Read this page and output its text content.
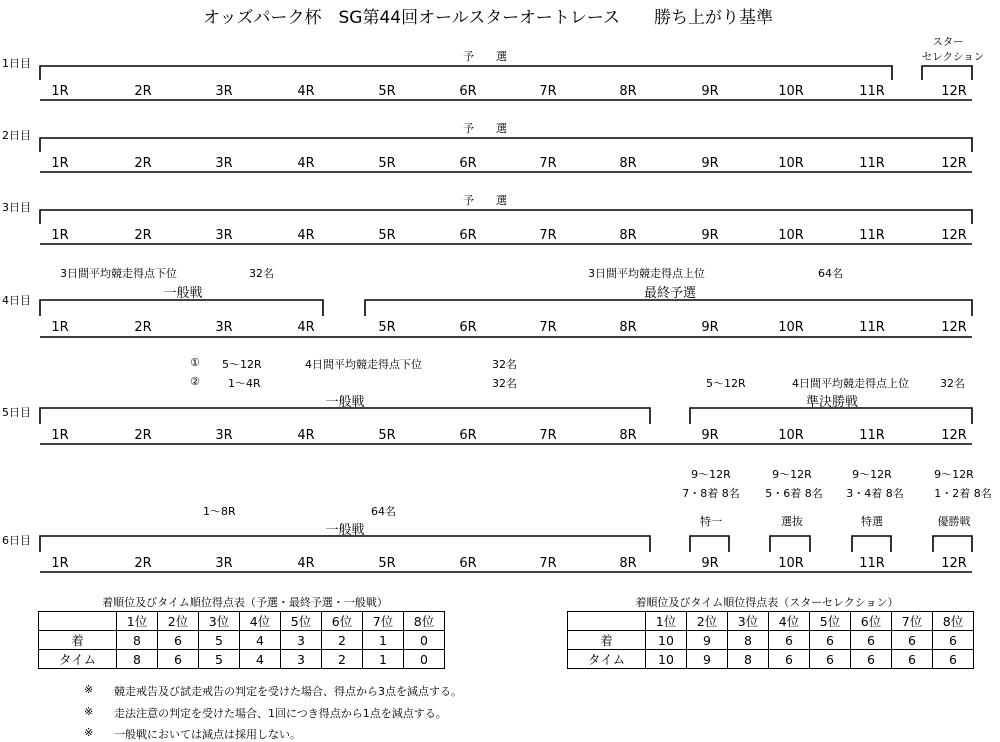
オッズパーク杯　SG第44回オールスターオートレース　　勝ち上がり基準
1日目
予　　選
スター
セレクション
2日目
予　　選
3日目
予　　選
4日目
3日間平均競走得点下位	32名	3日間平均競走得点上位	64名
一般戦	最終予選
5日目
① 5～12R	4日間平均競走得点下位	32名
②	1～4R	32名	5～12R	4日間平均競走得点上位	32名
一般戦	準決勝戦
6日目
1～8R	64名
一般戦
9～12R
7・8着 8名
特一
9～12R
5・6着 8名
選抜
9～12R
3・4着 8名
特選
9～12R
1・2着 8名
優勝戦
着順位及びタイム順位得点表（予選・最終予選・一般戦）
	1位	2位	3位	4位	5位	6位	7位	8位
着	8	6	5	4	3	2	1	0
タイム	8	6	5	4	3	2	1	0
着順位及びタイム順位得点表（スターセレクション）
	1位	2位	3位	4位	5位	6位	7位	8位
着	10	9	8	6	6	6	6	6
タイム	10	9	8	6	6	6	6	6
※ 競走戒告及び試走戒告の判定を受けた場合、得点から3点を減点する。
※ 走法注意の判定を受けた場合、1回につき得点から1点を減点する。
※ 一般戦においては減点は採用しない。
1R	2R	3R	4R	5R	6R	7R	8R	9R	10R	11R	12R
1R	2R	3R	4R	5R	6R	7R	8R	9R	10R	11R	12R
1R	2R	3R	4R	5R	6R	7R	8R	9R	10R	11R	12R
1R	2R	3R	4R	5R	6R	7R	8R	9R	10R	11R	12R
1R	2R	3R	4R	5R	6R	7R	8R	9R	10R	11R	12R
1R	2R	3R	4R	5R	6R	7R	8R	9R	10R	11R	12R
